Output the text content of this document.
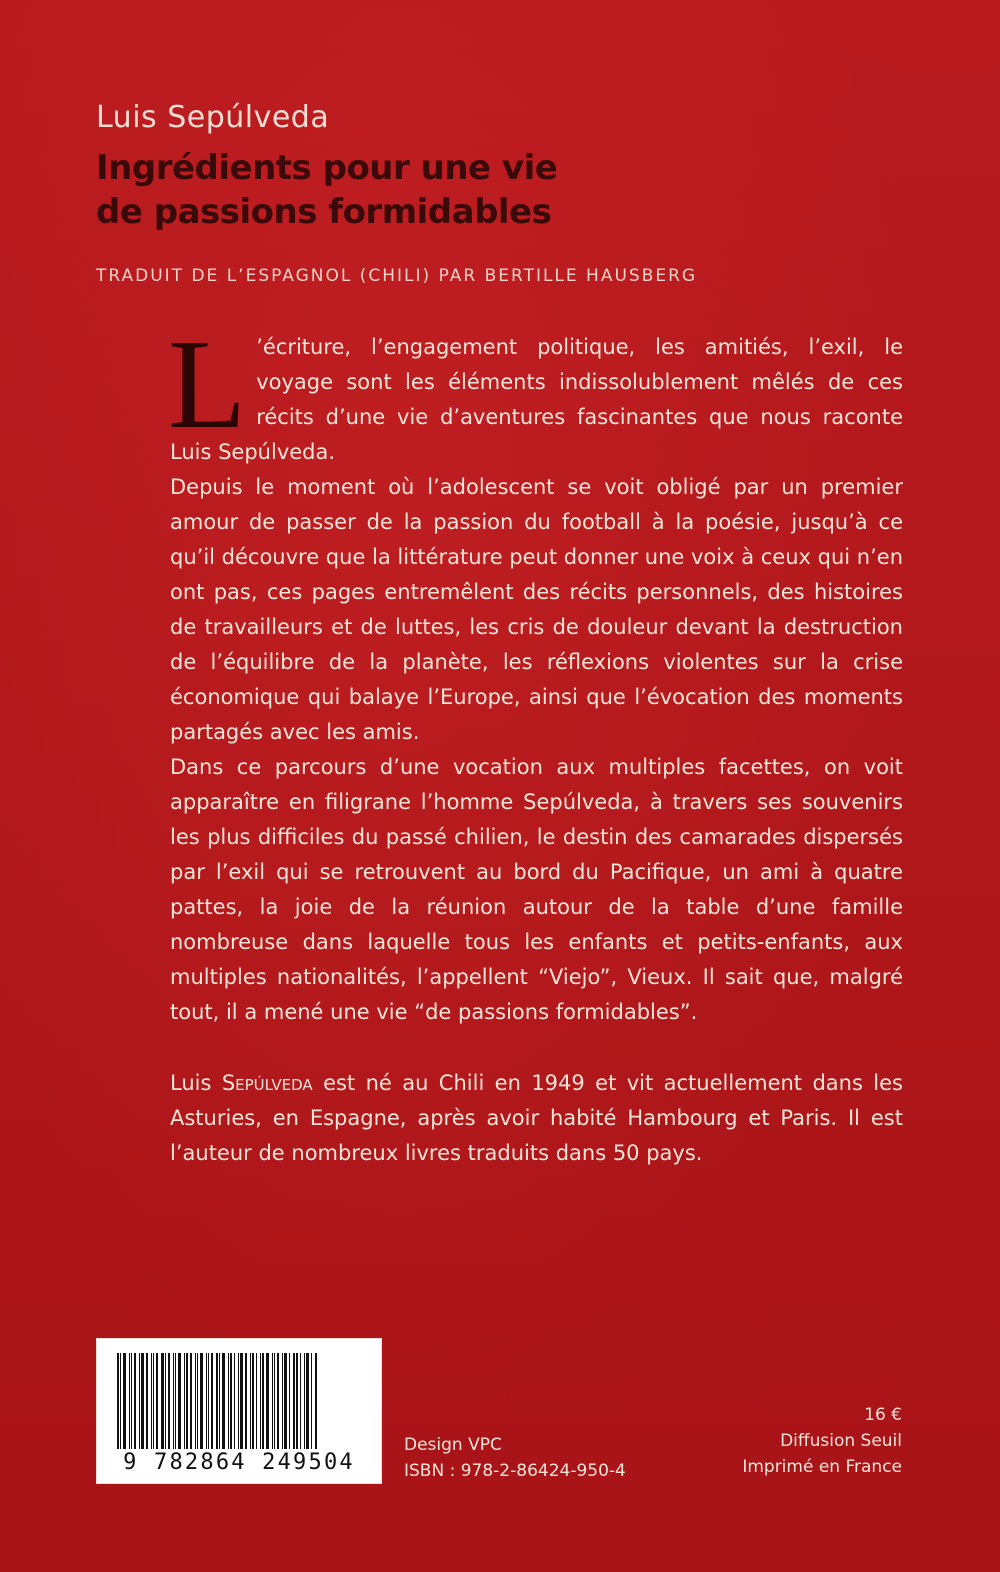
Luis Sepúlveda
Ingrédients pour une vie
de passions formidables
TRADUIT DE L’ESPAGNOL (CHILI) PAR BERTILLE HAUSBERG

L ’écriture, l’engagement politique, les amitiés, l’exil, le voyage sont les éléments indissolublement mêlés de ces récits d’une vie d’aventures fascinantes que nous raconte Luis Sepúlveda.

Depuis le moment où l’adolescent se voit obligé par un premier amour de passer de la passion du football à la poésie, jusqu’à ce qu’il découvre que la littérature peut donner une voix à ceux qui n’en ont pas, ces pages entremêlent des récits personnels, des histoires de travailleurs et de luttes, les cris de douleur devant la destruction de l’équilibre de la planète, les réflexions violentes sur la crise économique qui balaye l’Europe, ainsi que l’évocation des moments partagés avec les amis.

Dans ce parcours d’une vocation aux multiples facettes, on voit apparaître en filigrane l’homme Sepúlveda, à travers ses souvenirs les plus difficiles du passé chilien, le destin des camarades dispersés par l’exil qui se retrouvent au bord du Pacifique, un ami à quatre pattes, la joie de la réunion autour de la table d’une famille nombreuse dans laquelle tous les enfants et petits-enfants, aux multiples nationalités, l’appellent “Viejo”, Vieux. Il sait que, malgré tout, il a mené une vie “de passions formidables”.

Luis Sepúlveda est né au Chili en 1949 et vit actuellement dans les Asturies, en Espagne, après avoir habité Hambourg et Paris. Il est l’auteur de nombreux livres traduits dans 50 pays.

9 782864 249504
Design VPC
ISBN : 978-2-86424-950-4
16 €
Diffusion Seuil
Imprimé en France
